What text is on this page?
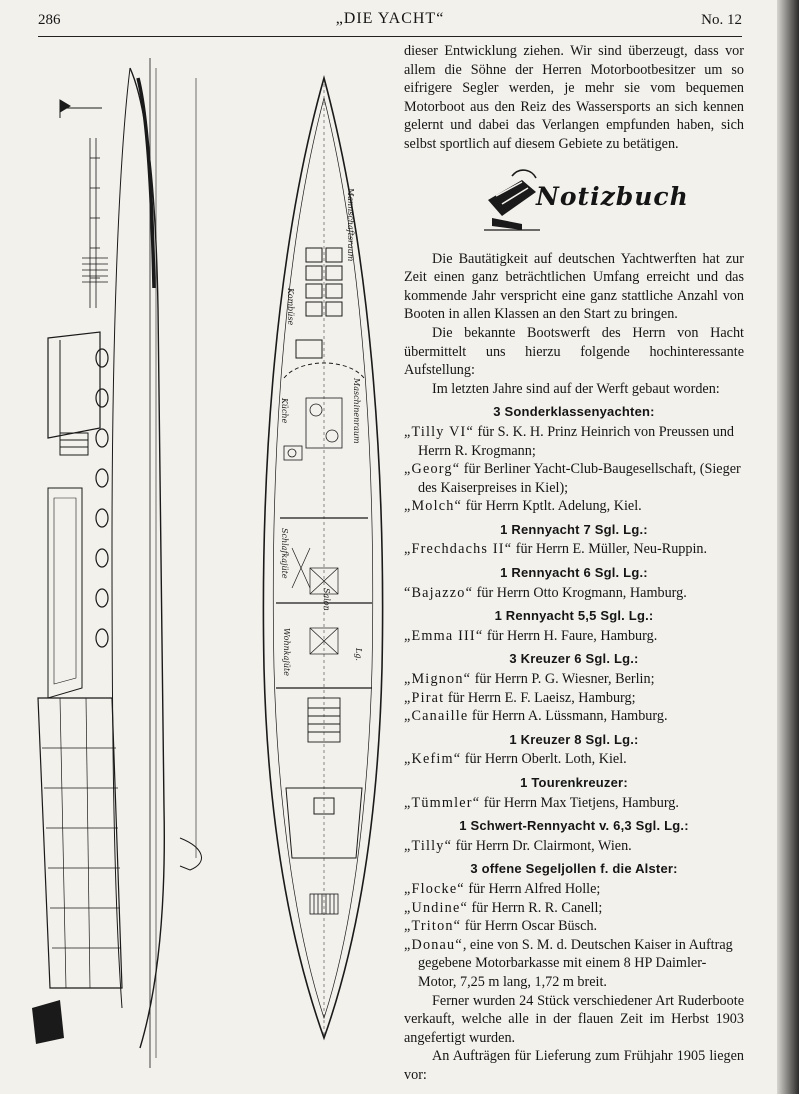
286	„DIE YACHT“	No. 12
Mannschaftsraum
Kombüse
Küche	Maschinenraum
Schlafkajüte
Salon
Wohnkajüte	Lg.

dieser Entwicklung ziehen. Wir sind überzeugt, dass vor allem die Söhne der Herren Motorbootbesitzer um so eifrigere Segler werden, je mehr sie vom bequemen Motorboot aus den Reiz des Wassersports an sich kennen gelernt und dabei das Verlangen empfunden haben, sich selbst sportlich auf diesem Gebiete zu betätigen.

Notizbuch

Die Bautätigkeit auf deutschen Yachtwerften hat zur Zeit einen ganz beträchtlichen Umfang erreicht und das kommende Jahr verspricht eine ganz stattliche Anzahl von Booten in allen Klassen an den Start zu bringen.

Die bekannte Bootswerft des Herrn von Hacht übermittelt uns hierzu folgende hochinteressante Aufstellung:

Im letzten Jahre sind auf der Werft gebaut worden:

3 Sonderklassenyachten:

„Tilly VI“ für S. K. H. Prinz Heinrich von Preussen und Herrn R. Krogmann;

„Georg“ für Berliner Yacht-Club-Baugesellschaft, (Sieger des Kaiserpreises in Kiel);

„Molch“ für Herrn Kptlt. Adelung, Kiel.

1 Rennyacht 7 Sgl. Lg.:

„Frechdachs II“ für Herrn E. Müller, Neu-Ruppin.

1 Rennyacht 6 Sgl. Lg.:

“Bajazzo“ für Herrn Otto Krogmann, Hamburg.

1 Rennyacht 5,5 Sgl. Lg.:

„Emma III“ für Herrn H. Faure, Hamburg.

3 Kreuzer 6 Sgl. Lg.:

„Mignon“ für Herrn P. G. Wiesner, Berlin;

„Pirat für Herrn E. F. Laeisz, Hamburg;

„Canaille für Herrn A. Lüssmann, Hamburg.

1 Kreuzer 8 Sgl. Lg.:

„Kefim“ für Herrn Oberlt. Loth, Kiel.

1 Tourenkreuzer:

„Tümmler“ für Herrn Max Tietjens, Hamburg.

1 Schwert-Rennyacht v. 6,3 Sgl. Lg.:

„Tilly“ für Herrn Dr. Clairmont, Wien.

3 offene Segeljollen f. die Alster:

„Flocke“ für Herrn Alfred Holle;

„Undine“ für Herrn R. R. Canell;

„Triton“ für Herrn Oscar Büsch.

„Donau“, eine von S. M. d. Deutschen Kaiser in Auftrag gegebene Motorbarkasse mit einem 8 HP Daimler-Motor, 7,25 m lang, 1,72 m breit.

Ferner wurden 24 Stück verschiedener Art Ruderboote verkauft, welche alle in der flauen Zeit im Herbst 1903 angefertigt wurden.

An Aufträgen für Lieferung zum Frühjahr 1905 liegen vor:
